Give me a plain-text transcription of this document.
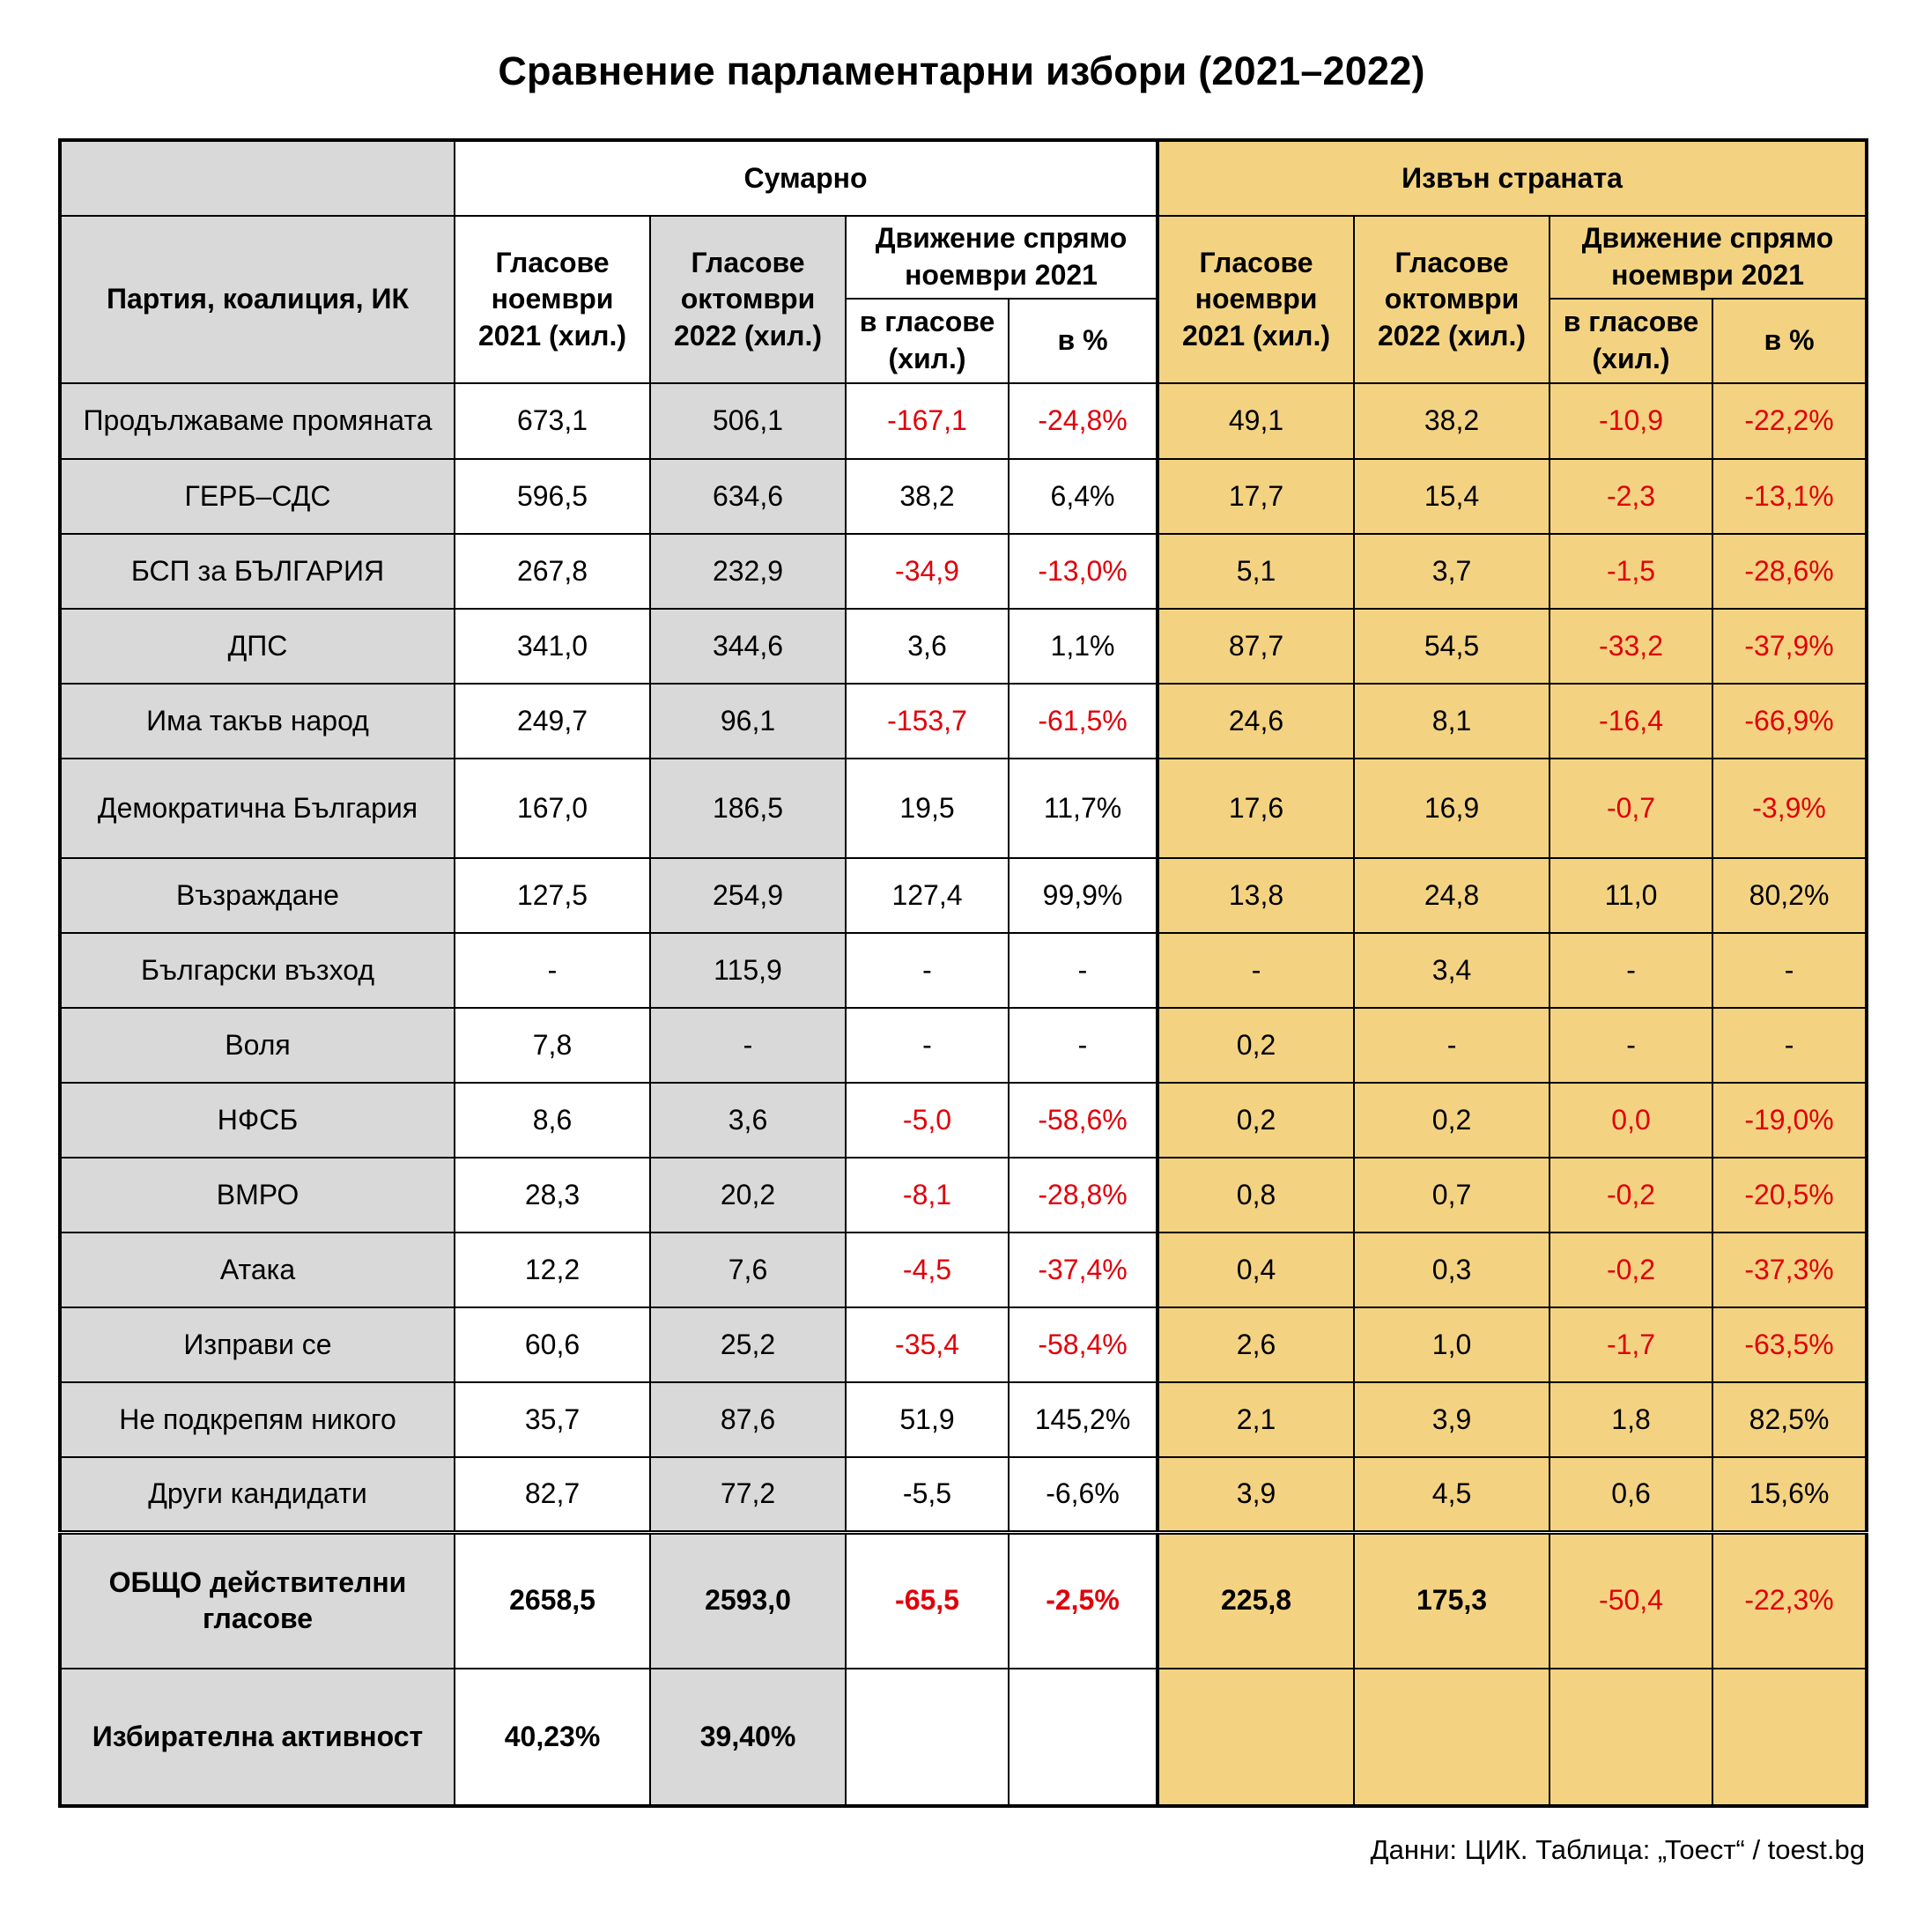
Сравнение парламентарни избори (2021–2022)
	Сумарно				Извън страната			
Партия, коалиция, ИК	Гласове ноември 2021 (хил.)	Гласове октомври 2022 (хил.)	Движение спрямо ноември 2021		Гласове ноември 2021 (хил.)	Гласове октомври 2022 (хил.)	Движение спрямо ноември 2021	
			в гласове (хил.)	в %			в гласове (хил.)	в %
Продължаваме промяната	673,1	506,1	-167,1	-24,8%	49,1	38,2	-10,9	-22,2%
ГЕРБ–СДС	596,5	634,6	38,2	6,4%	17,7	15,4	-2,3	-13,1%
БСП за БЪЛГАРИЯ	267,8	232,9	-34,9	-13,0%	5,1	3,7	-1,5	-28,6%
ДПС	341,0	344,6	3,6	1,1%	87,7	54,5	-33,2	-37,9%
Има такъв народ	249,7	96,1	-153,7	-61,5%	24,6	8,1	-16,4	-66,9%
Демократична България	167,0	186,5	19,5	11,7%	17,6	16,9	-0,7	-3,9%
Възраждане	127,5	254,9	127,4	99,9%	13,8	24,8	11,0	80,2%
Български възход	-	115,9	-	-	-	3,4	-	-
Воля	7,8	-	-	-	0,2	-	-	-
НФСБ	8,6	3,6	-5,0	-58,6%	0,2	0,2	0,0	-19,0%
ВМРО	28,3	20,2	-8,1	-28,8%	0,8	0,7	-0,2	-20,5%
Атака	12,2	7,6	-4,5	-37,4%	0,4	0,3	-0,2	-37,3%
Изправи се	60,6	25,2	-35,4	-58,4%	2,6	1,0	-1,7	-63,5%
Не подкрепям никого	35,7	87,6	51,9	145,2%	2,1	3,9	1,8	82,5%
Други кандидати	82,7	77,2	-5,5	-6,6%	3,9	4,5	0,6	15,6%
ОБЩО действителни гласове	2658,5	2593,0	-65,5	-2,5%	225,8	175,3	-50,4	-22,3%
Избирателна активност	40,23%	39,40%						
Данни: ЦИК. Таблица: „Тоест“ / toest.bg
